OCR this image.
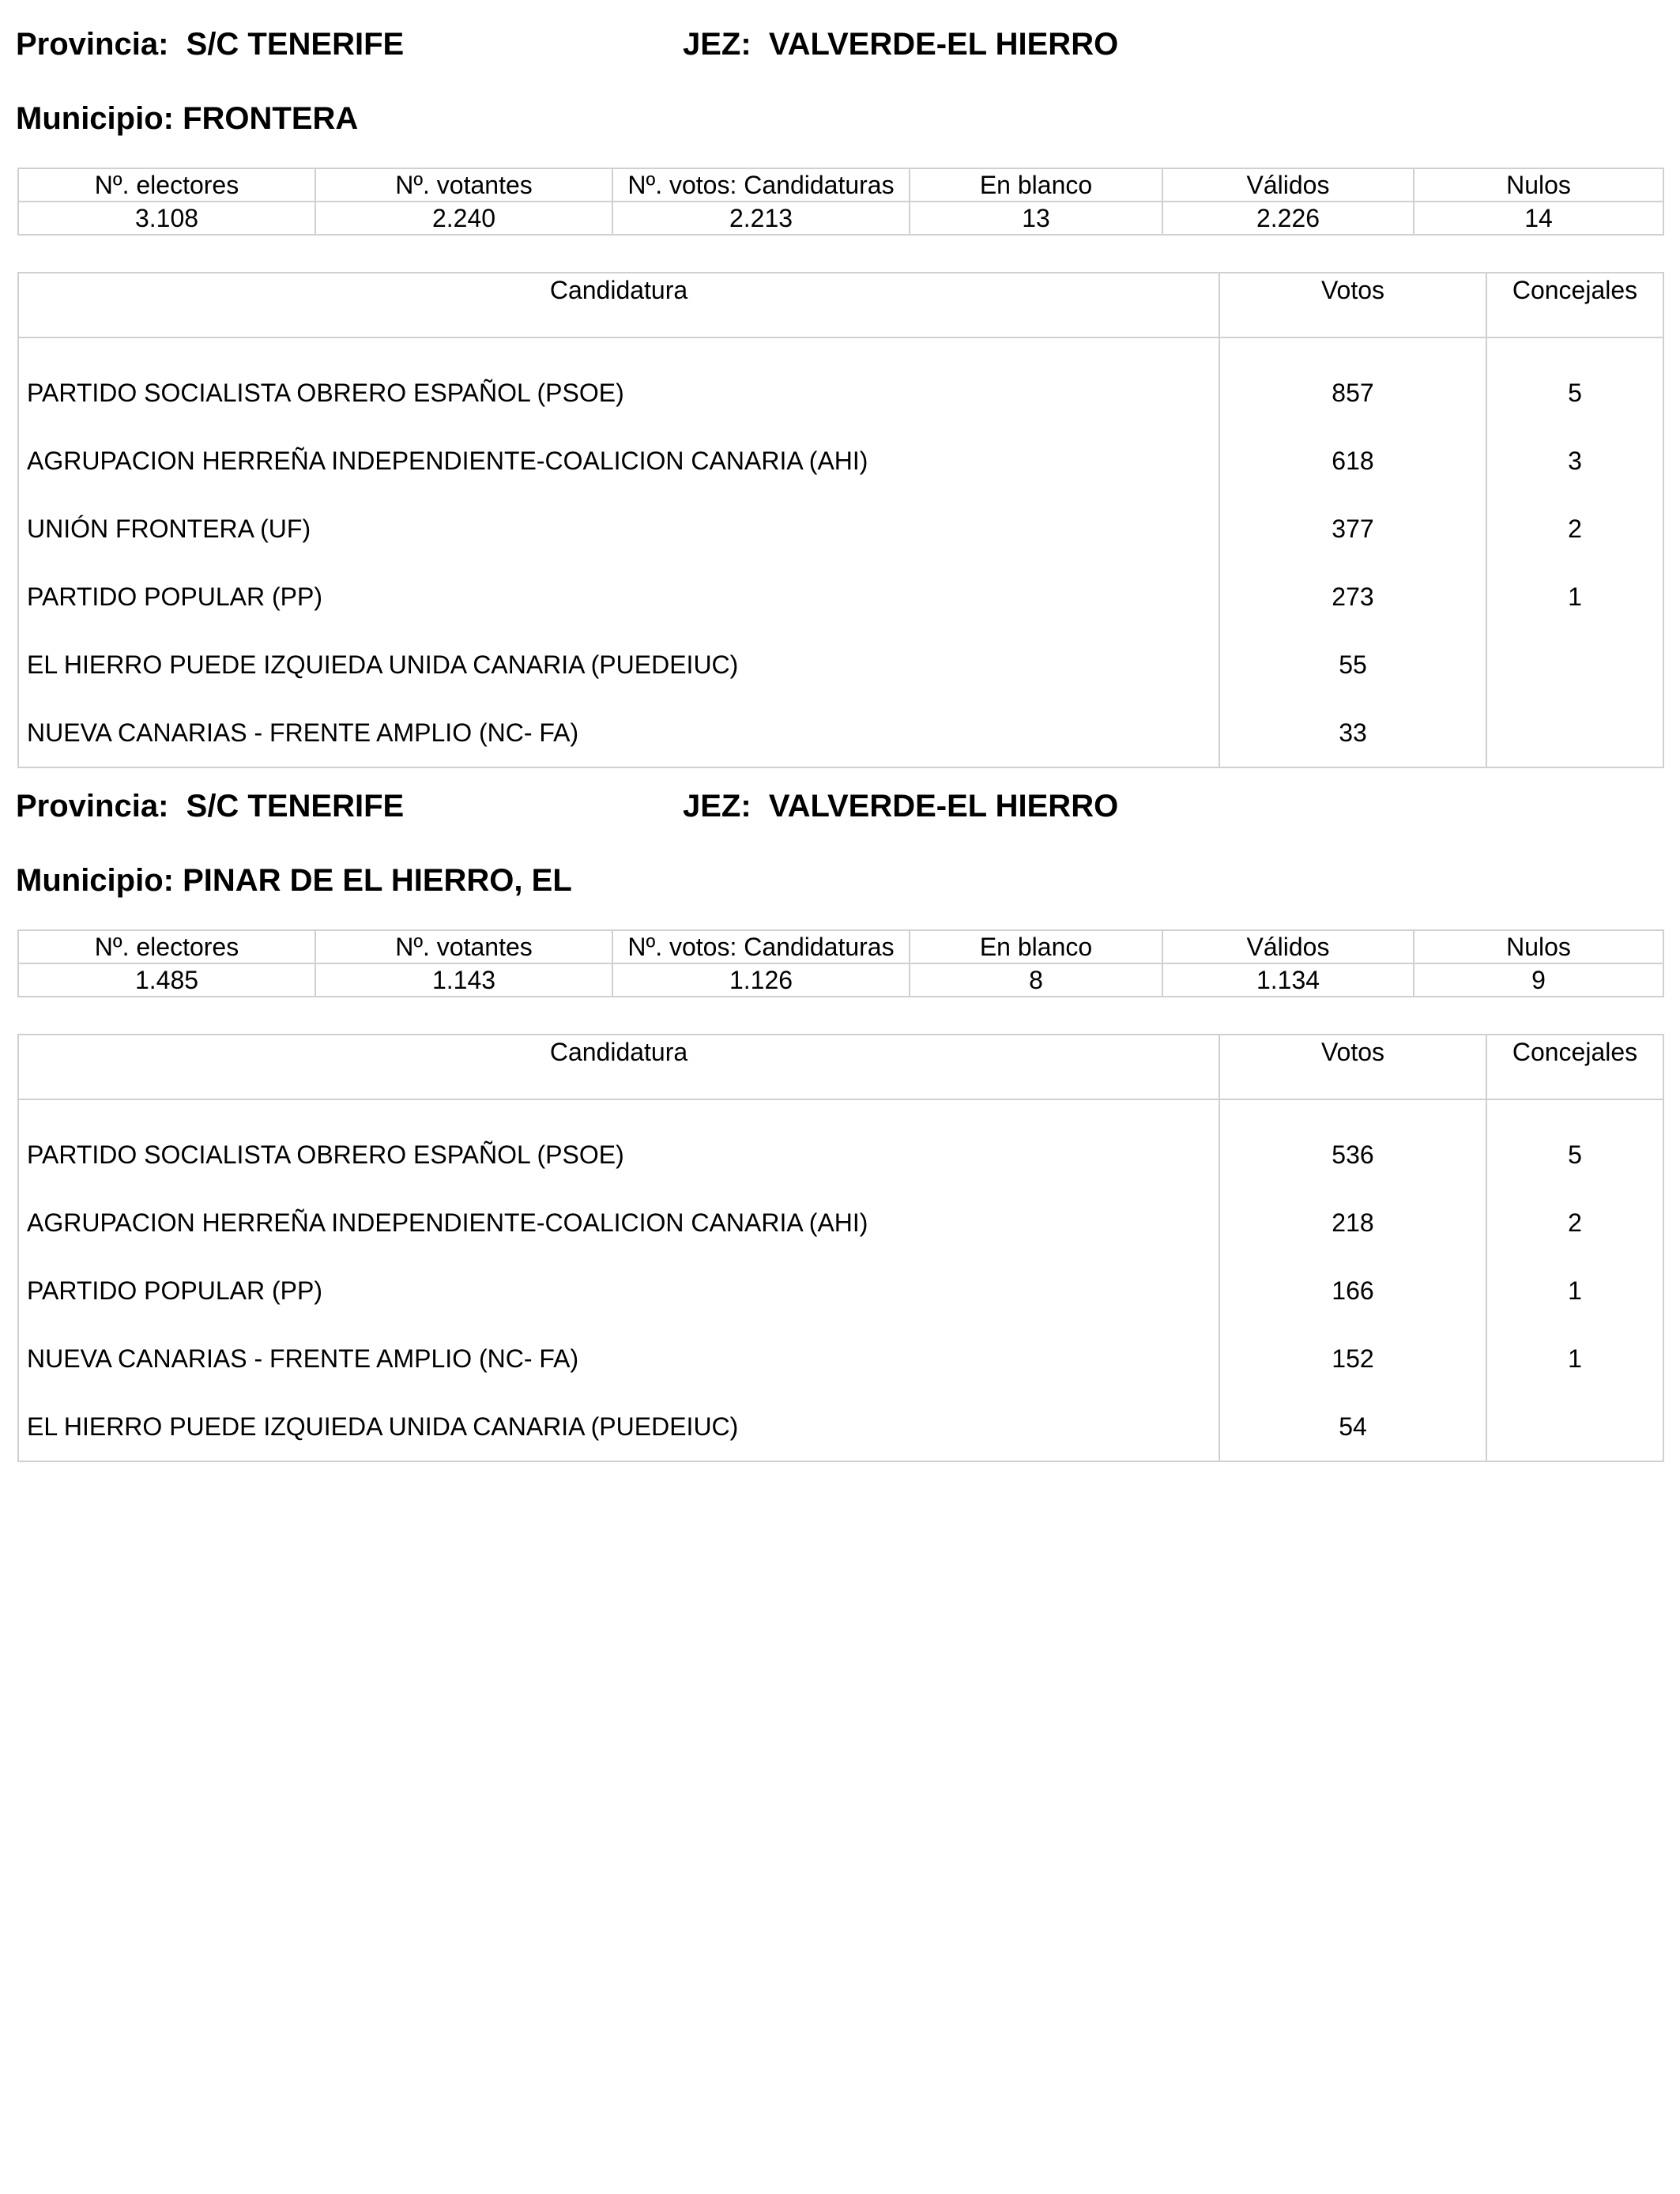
Provincia: S/C TENERIFE	JEZ: VALVERDE-EL HIERRO
Municipio: FRONTERA
Nº. electores	Nº. votantes	Nº. votos: Candidaturas	En blanco	Válidos	Nulos
3.108	2.240	2.213	13	2.226	14
Candidatura	Votos	Concejales
PARTIDO SOCIALISTA OBRERO ESPAÑOL (PSOE)	857	5
AGRUPACION HERREÑA INDEPENDIENTE-COALICION CANARIA (AHI)	618	3
UNIÓN FRONTERA (UF)	377	2
PARTIDO POPULAR (PP)	273	1
EL HIERRO PUEDE IZQUIEDA UNIDA CANARIA (PUEDEIUC)	55	
NUEVA CANARIAS - FRENTE AMPLIO (NC- FA)	33	
Provincia: S/C TENERIFE	JEZ: VALVERDE-EL HIERRO
Municipio: PINAR DE EL HIERRO, EL
Nº. electores	Nº. votantes	Nº. votos: Candidaturas	En blanco	Válidos	Nulos
1.485	1.143	1.126	8	1.134	9
Candidatura	Votos	Concejales
PARTIDO SOCIALISTA OBRERO ESPAÑOL (PSOE)	536	5
AGRUPACION HERREÑA INDEPENDIENTE-COALICION CANARIA (AHI)	218	2
PARTIDO POPULAR (PP)	166	1
NUEVA CANARIAS - FRENTE AMPLIO (NC- FA)	152	1
EL HIERRO PUEDE IZQUIEDA UNIDA CANARIA (PUEDEIUC)	54	
